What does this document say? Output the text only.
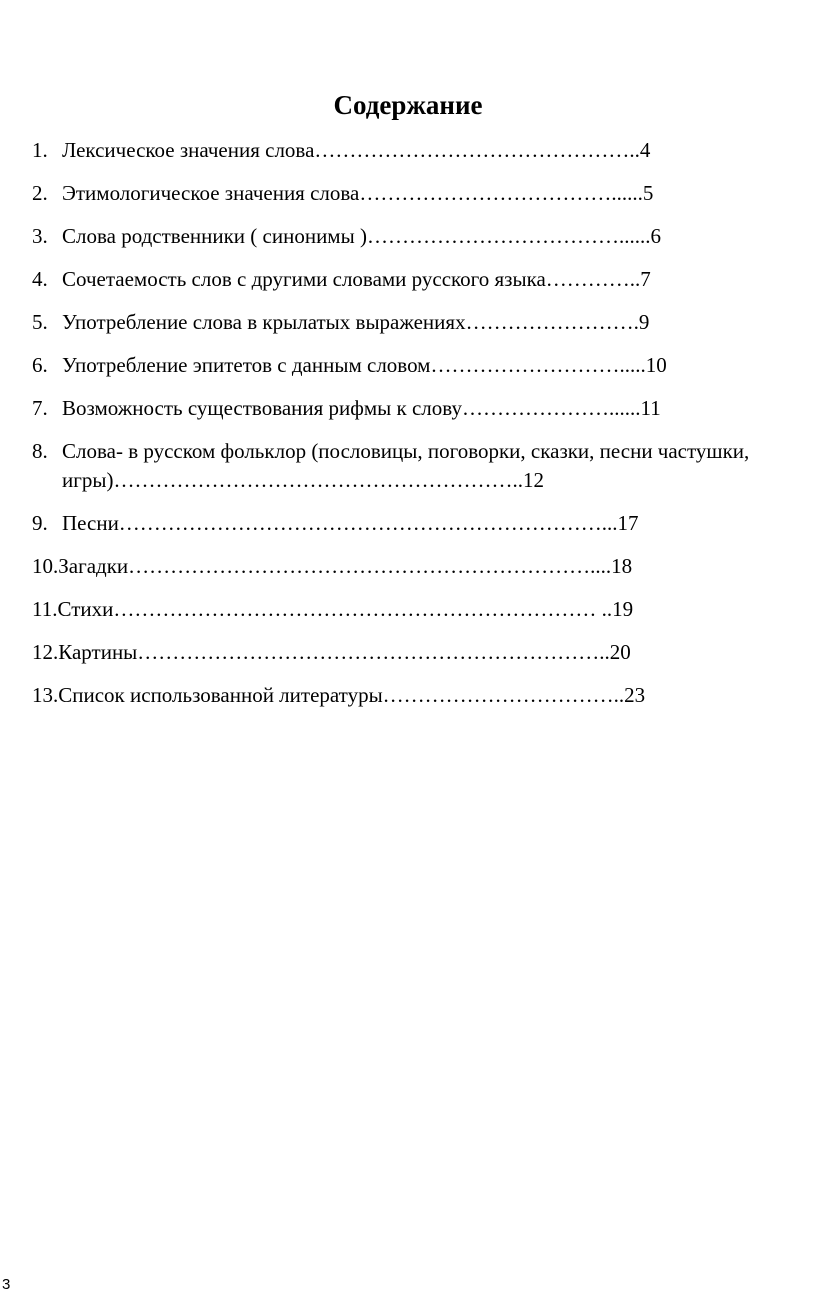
Содержание
1. Лексическое значения слова………………………………………..4
2. Этимологическое значения слова………………………………......5
3. Слова родственники ( синонимы )………………………………......6
4. Сочетаемость слов с другими словами русского языка…………..7
5. Употребление слова в крылатых выражениях…………………….9
6. Употребление эпитетов с данным словом……………………….....10
7. Возможность существования рифмы к слову…………………......11
8. Слова- в русском фольклор (пословицы, поговорки, сказки, песни частушки, игры)…………………………………………………..12
9. Песни……………………………………………………………...17
10. Загадки…………………………………………………………....18
11. Стихи…………………………………………………………… ..19
12. Картины…………………………………………………………..20
13. Список использованной литературы……………………………..23
3
